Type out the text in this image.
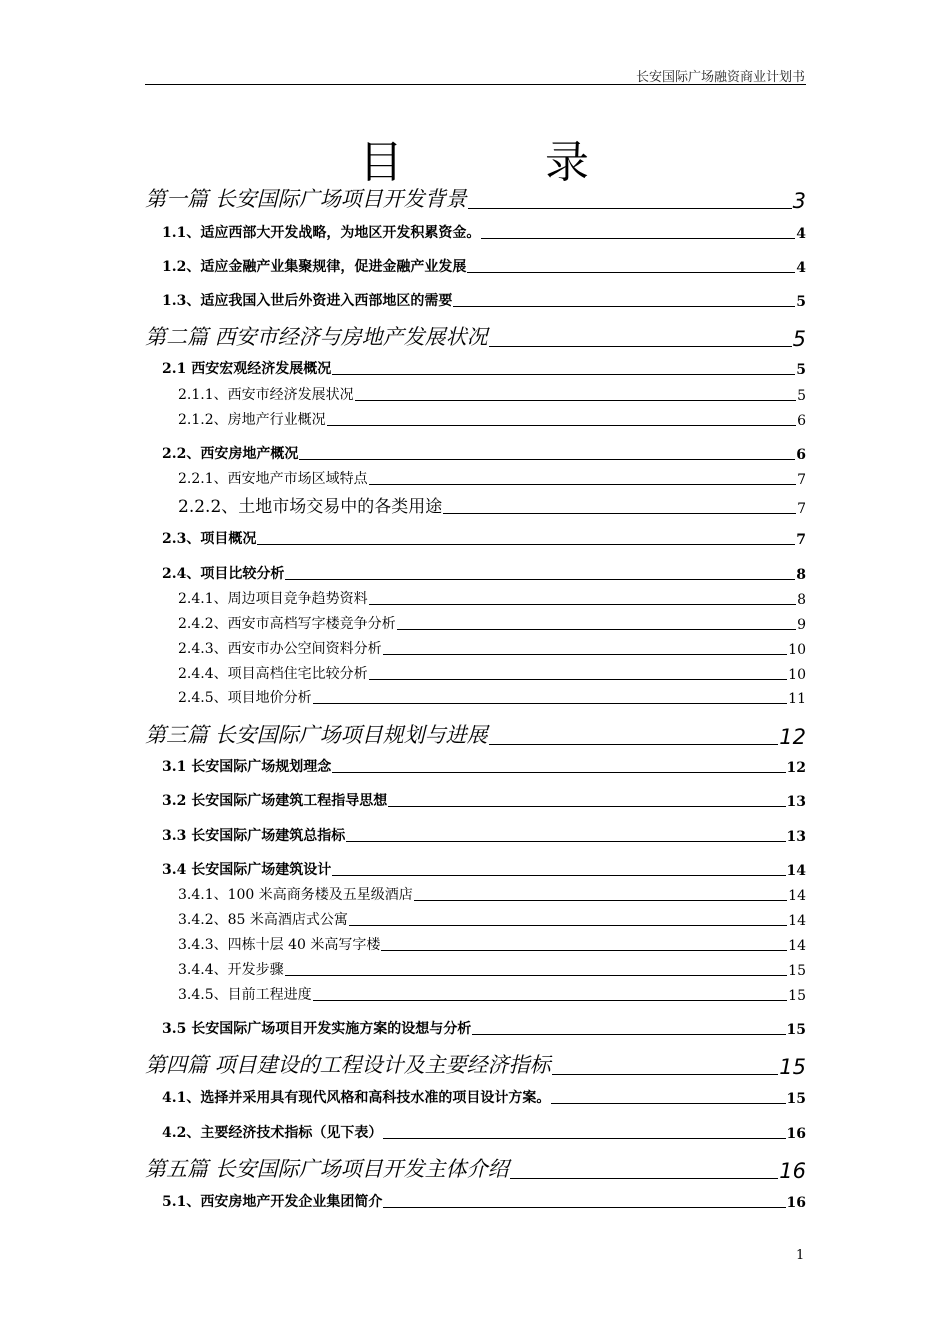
长安国际广场融资商业计划书
目	录
第一篇 长安国际广场项目开发背景	3
1.1、适应西部大开发战略，为地区开发积累资金。	4
1.2、适应金融产业集聚规律，促进金融产业发展	4
1.3、适应我国入世后外资进入西部地区的需要	5
第二篇 西安市经济与房地产发展状况	5
2.1 西安宏观经济发展概况	5
2.1.1、西安市经济发展状况	5
2.1.2、房地产行业概况	6
2.2、西安房地产概况	6
2.2.1、西安地产市场区域特点	7
2.2.2、土地市场交易中的各类用途	7
2.3、项目概况	7
2.4、项目比较分析	8
2.4.1、周边项目竞争趋势资料	8
2.4.2、西安市高档写字楼竞争分析	9
2.4.3、西安市办公空间资料分析	10
2.4.4、项目高档住宅比较分析	10
2.4.5、项目地价分析	11
第三篇 长安国际广场项目规划与进展	12
3.1 长安国际广场规划理念	12
3.2 长安国际广场建筑工程指导思想	13
3.3 长安国际广场建筑总指标	13
3.4 长安国际广场建筑设计	14
3.4.1、100 米高商务楼及五星级酒店	14
3.4.2、85 米高酒店式公寓	14
3.4.3、四栋十层 40 米高写字楼	14
3.4.4、开发步骤	15
3.4.5、目前工程进度	15
3.5 长安国际广场项目开发实施方案的设想与分析	15
第四篇 项目建设的工程设计及主要经济指标	15
4.1、选择并采用具有现代风格和高科技水准的项目设计方案。	15
4.2、主要经济技术指标（见下表）	16
第五篇 长安国际广场项目开发主体介绍	16
5.1、西安房地产开发企业集团简介	16
1
